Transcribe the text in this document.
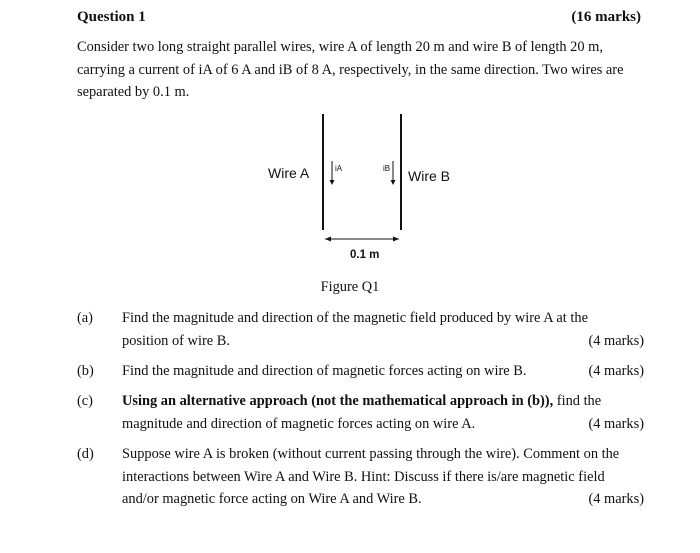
Question 1	(16 marks)
Consider two long straight parallel wires, wire A of length 20 m and wire B of length 20 m,
carrying a current of iA of 6 A and iB of 8 A, respectively, in the same direction. Two wires are
separated by 0.1 m.
Wire A	Wire B
iA	iB
0.1 m
Figure Q1
(a) Find the magnitude and direction of the magnetic field produced by wire A at the
position of wire B.	(4 marks)
(b) Find the magnitude and direction of magnetic forces acting on wire B.	(4 marks)
(c) Using an alternative approach (not the mathematical approach in (b)), find the
magnitude and direction of magnetic forces acting on wire A.	(4 marks)
(d) Suppose wire A is broken (without current passing through the wire). Comment on the
interactions between Wire A and Wire B. Hint: Discuss if there is/are magnetic field
and/or magnetic force acting on Wire A and Wire B.	(4 marks)
